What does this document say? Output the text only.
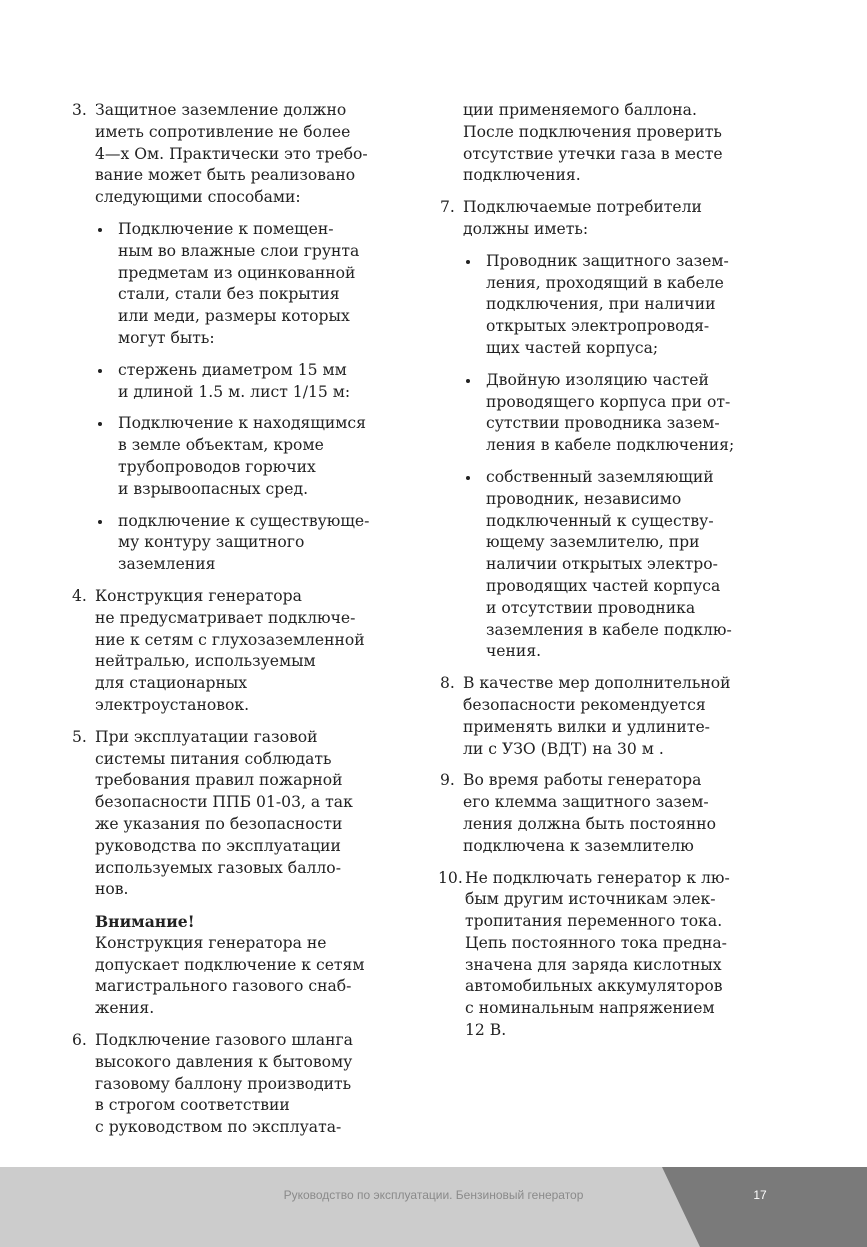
3. Защитное заземление должно
иметь сопротивление не более
4—х Ом. Практически это требо-
вание может быть реализовано
следующими способами:
Подключение к помещен-
ным во влажные слои грунта
предметам из оцинкованной
стали, стали без покрытия
или меди, размеры которых
могут быть:
стержень диаметром 15 мм
и длиной 1.5 м. лист 1/15 м:
Подключение к находящимся
в земле объектам, кроме
трубопроводов горючих
и взрывоопасных сред.
подключение к существующе-
му контуру защитного
заземления
4. Конструкция генератора
не предусматривает подключе-
ние к сетям с глухозаземленной
нейтралью, используемым
для стационарных
электроустановок.
5. При эксплуатации газовой
системы питания соблюдать
требования правил пожарной
безопасности ППБ 01-03, а так
же указания по безопасности
руководства по эксплуатации
используемых газовых балло-
нов.
Внимание!
Конструкция генератора не
допускает подключение к сетям
магистрального газового снаб-
жения.
6. Подключение газового шланга
высокого давления к бытовому
газовому баллону производить
в строгом соответствии
с руководством по эксплуата-
ции применяемого баллона.
После подключения проверить
отсутствие утечки газа в месте
подключения.
7. Подключаемые потребители
должны иметь:
Проводник защитного зазем-
ления, проходящий в кабеле
подключения, при наличии
открытых электропроводя-
щих частей корпуса;
Двойную изоляцию частей
проводящего корпуса при от-
сутствии проводника зазем-
ления в кабеле подключения;
собственный заземляющий
проводник, независимо
подключенный к существу-
ющему заземлителю, при
наличии открытых электро-
проводящих частей корпуса
и отсутствии проводника
заземления в кабеле подклю-
чения.
8. В качестве мер дополнительной
безопасности рекомендуется
применять вилки и удлините-
ли с УЗО (ВДТ) на 30 м .
9. Во время работы генератора
его клемма защитного зазем-
ления должна быть постоянно
подключена к заземлителю
10. Не подключать генератор к лю-
бым другим источникам элек-
тропитания переменного тока.
Цепь постоянного тока предна-
значена для заряда кислотных
автомобильных аккумуляторов
с номинальным напряжением
12 В.
Руководство по эксплуатации. Бензиновый генератор	17
